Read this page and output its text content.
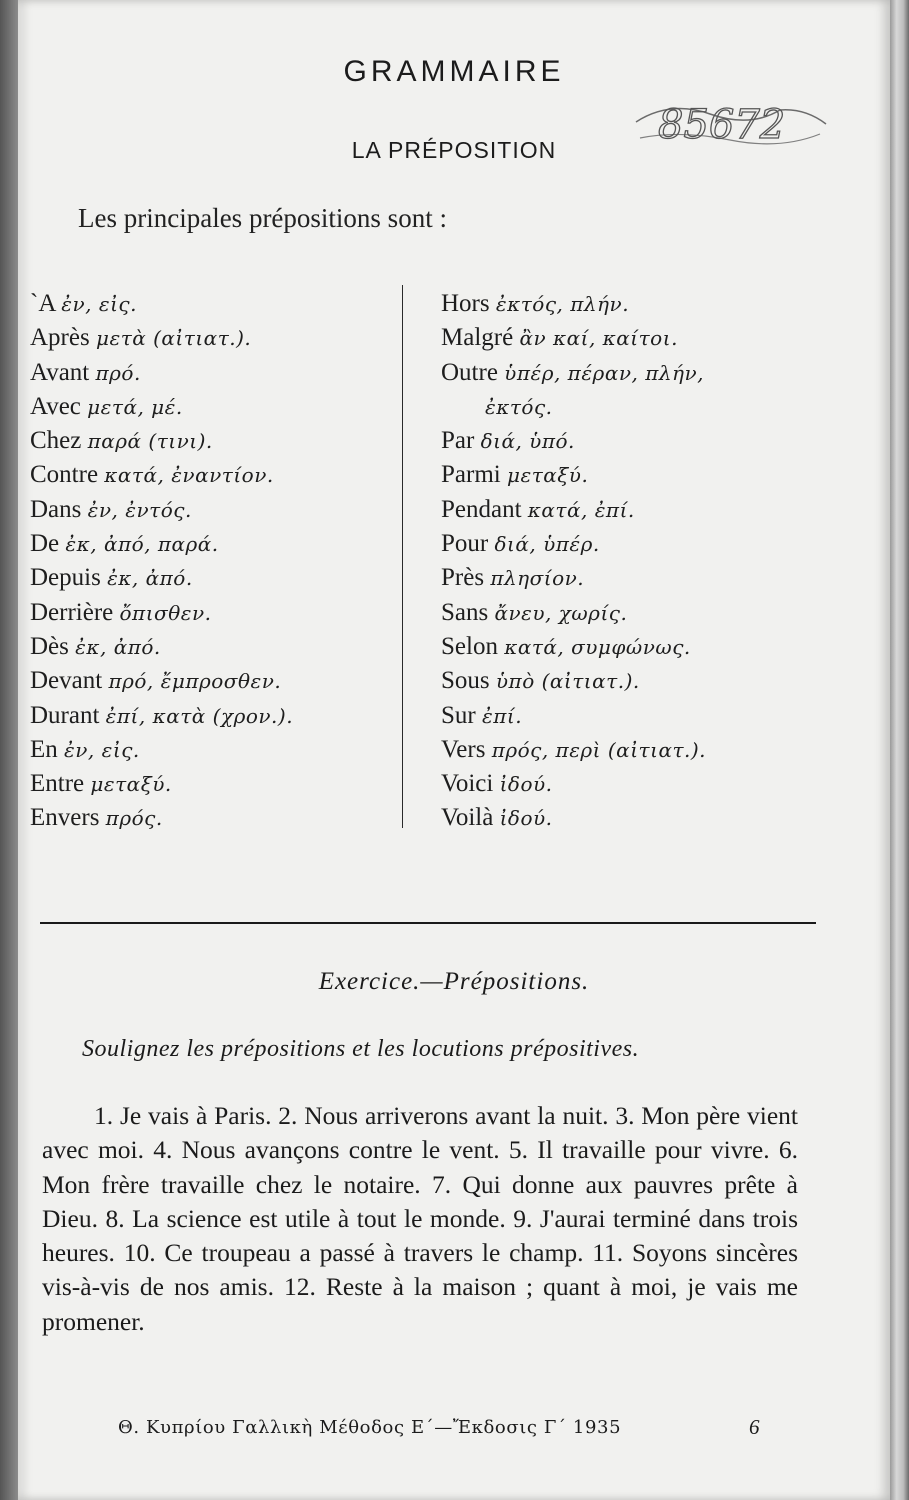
GRAMMAIRE
LA PRÉPOSITION
85672
Les principales prépositions sont :
`A ἐν, εἰς.
Après μετὰ (αἰτιατ.).
Avant πρό.
Avec μετά, μέ.
Chez παρά (τινι).
Contre κατά, ἐναντίον.
Dans ἐν, ἐντός.
De ἐκ, ἀπό, παρά.
Depuis ἐκ, ἀπό.
Derrière ὄπισθεν.
Dès ἐκ, ἀπό.
Devant πρό, ἔμπροσθεν.
Durant ἐπί, κατὰ (χρον.).
En ἐν, εἰς.
Entre μεταξύ.
Envers πρός.
Hors ἐκτός, πλήν.
Malgré ἂν καί, καίτοι.
Outre ὑπέρ, πέραν, πλήν,
ἐκτός.
Par διά, ὑπό.
Parmi μεταξύ.
Pendant κατά, ἐπί.
Pour διά, ὑπέρ.
Près πλησίον.
Sans ἄνευ, χωρίς.
Selon κατά, συμφώνως.
Sous ὑπὸ (αἰτιατ.).
Sur ἐπί.
Vers πρός, περὶ (αἰτιατ.).
Voici ἰδού.
Voilà ἰδού.
Exercice.—Prépositions.
Soulignez les prépositions et les locutions prépositives.

1. Je vais à Paris. 2. Nous arriverons avant la nuit. 3. Mon père vient avec moi. 4. Nous avançons contre le vent. 5. Il travaille pour vivre. 6. Mon frère travaille chez le notaire. 7. Qui donne aux pauvres prête à Dieu. 8. La science est utile à tout le monde. 9. J'aurai terminé dans trois heures. 10. Ce troupeau a passé à travers le champ. 11. Soyons sincères vis-à-vis de nos amis. 12. Reste à la maison ; quant à moi, je vais me promener.

Θ. Κυπρίου Γαλλικὴ Μέθοδος Ε΄—Ἔκδοσις Γ΄ 1935	6
